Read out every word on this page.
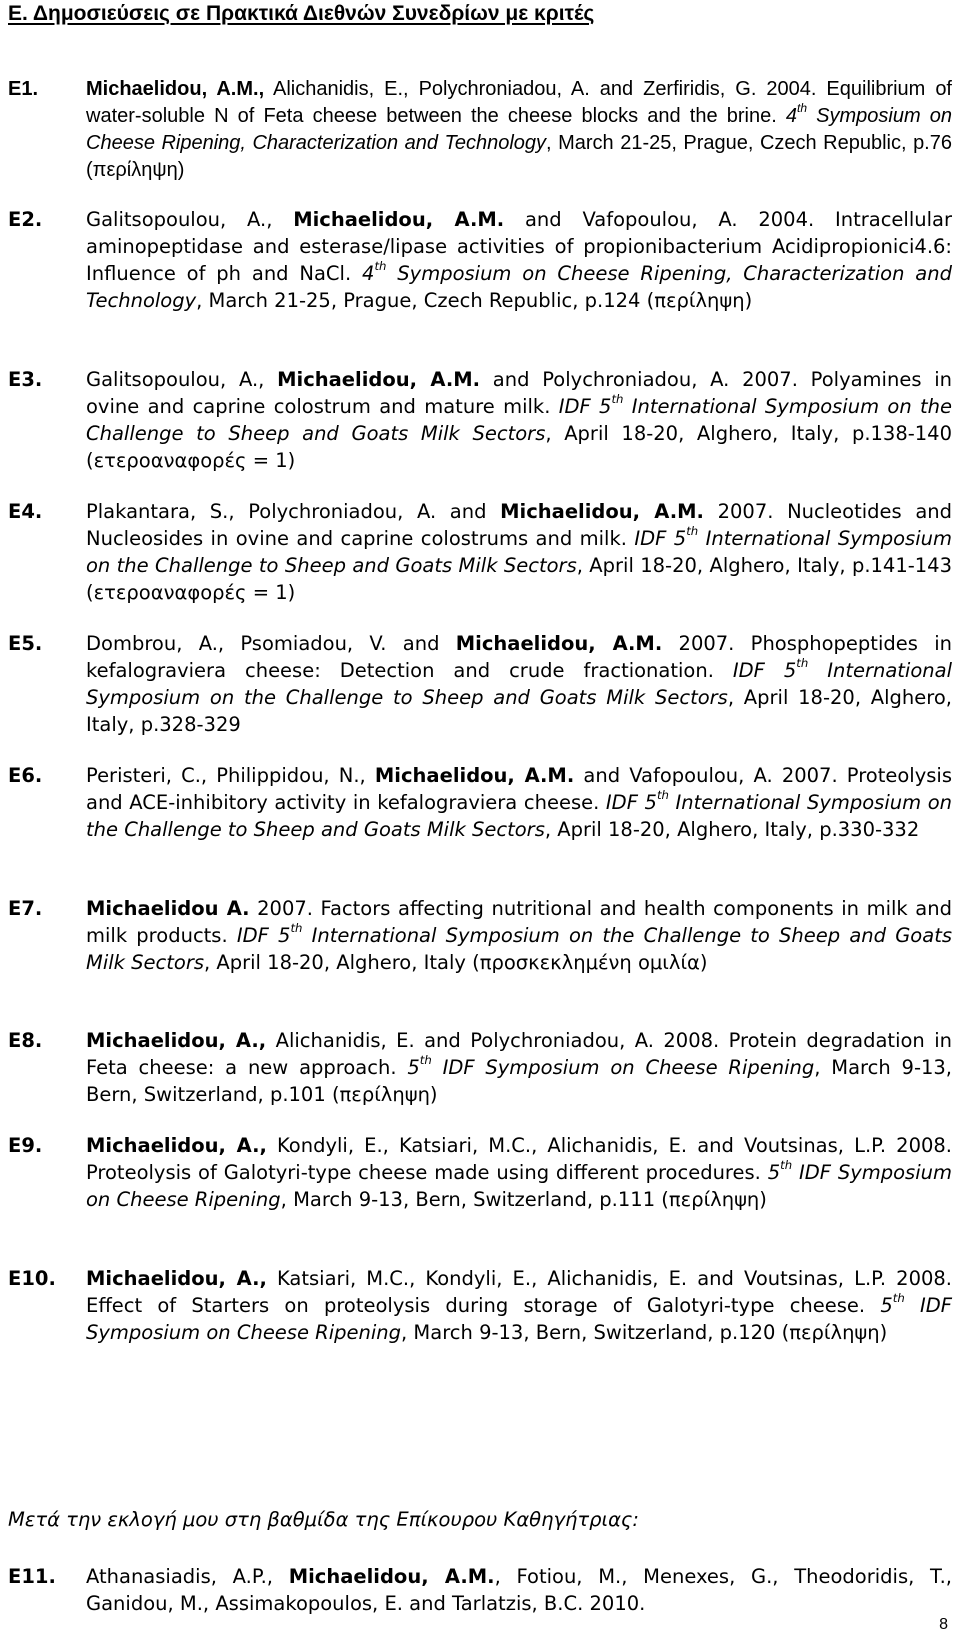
Ε. Δημοσιεύσεις σε Πρακτικά Διεθνών Συνεδρίων με κριτές
E1.	Michaelidou, A.M., Alichanidis, E., Polychroniadou, A. and Zerfiridis, G. 2004. Equilibrium of water-soluble N of Feta cheese between the cheese blocks and the brine. 4th Symposium on Cheese Ripening, Characterization and Technology, March 21-25, Prague, Czech Republic, p.76 (περίληψη)
E2.	Galitsopoulou, A., Michaelidou, A.M. and Vafopoulou, A. 2004. Intracellular aminopeptidase and esterase/lipase activities of propionibacterium Acidipropionici4.6: Influence of ph and NaCl. 4th Symposium on Cheese Ripening, Characterization and Technology, March 21-25, Prague, Czech Republic, p.124 (περίληψη)
E3.	Galitsopoulou, A., Michaelidou, A.M. and Polychroniadou, A. 2007. Polyamines in ovine and caprine colostrum and mature milk. IDF 5th International Symposium on the Challenge to Sheep and Goats Milk Sectors, April 18-20, Alghero, Italy, p.138-140 (ετεροαναφορές = 1)
E4.	Plakantara, S., Polychroniadou, A. and Michaelidou, A.M. 2007. Nucleotides and Nucleosides in ovine and caprine colostrums and milk. IDF 5th International Symposium on the Challenge to Sheep and Goats Milk Sectors, April 18-20, Alghero, Italy, p.141-143 (ετεροαναφορές = 1)
E5.	Dombrou, A., Psomiadou, V. and Michaelidou, A.M. 2007. Phosphopeptides in kefalograviera cheese: Detection and crude fractionation. IDF 5th International Symposium on the Challenge to Sheep and Goats Milk Sectors, April 18-20, Alghero, Italy, p.328-329
E6.	Peristeri, C., Philippidou, N., Michaelidou, A.M. and Vafopoulou, A. 2007. Proteolysis and ACE-inhibitory activity in kefalograviera cheese. IDF 5th International Symposium on the Challenge to Sheep and Goats Milk Sectors, April 18-20, Alghero, Italy, p.330-332
E7.	Michaelidou A. 2007. Factors affecting nutritional and health components in milk and milk products. IDF 5th International Symposium on the Challenge to Sheep and Goats Milk Sectors, April 18-20, Alghero, Italy (προσκεκλημένη ομιλία)
E8.	Michaelidou, A., Alichanidis, E. and Polychroniadou, A. 2008. Protein degradation in Feta cheese: a new approach. 5th IDF Symposium on Cheese Ripening, March 9-13, Bern, Switzerland, p.101 (περίληψη)
E9.	Michaelidou, A., Kondyli, E., Katsiari, M.C., Alichanidis, E. and Voutsinas, L.P. 2008. Proteolysis of Galotyri-type cheese made using different procedures. 5th IDF Symposium on Cheese Ripening, March 9-13, Bern, Switzerland, p.111 (περίληψη)
E10.	Michaelidou, A., Katsiari, M.C., Kondyli, E., Alichanidis, E. and Voutsinas, L.P. 2008. Effect of Starters on proteolysis during storage of Galotyri-type cheese. 5th IDF Symposium on Cheese Ripening, March 9-13, Bern, Switzerland, p.120 (περίληψη)
Μετά την εκλογή μου στη βαθμίδα της Επίκουρου Καθηγήτριας:
E11.	Athanasiadis, A.P., Michaelidou, A.M., Fotiou, M., Menexes, G., Theodoridis, T., Ganidou, M., Assimakopoulos, E. and Tarlatzis, B.C. 2010.
8
